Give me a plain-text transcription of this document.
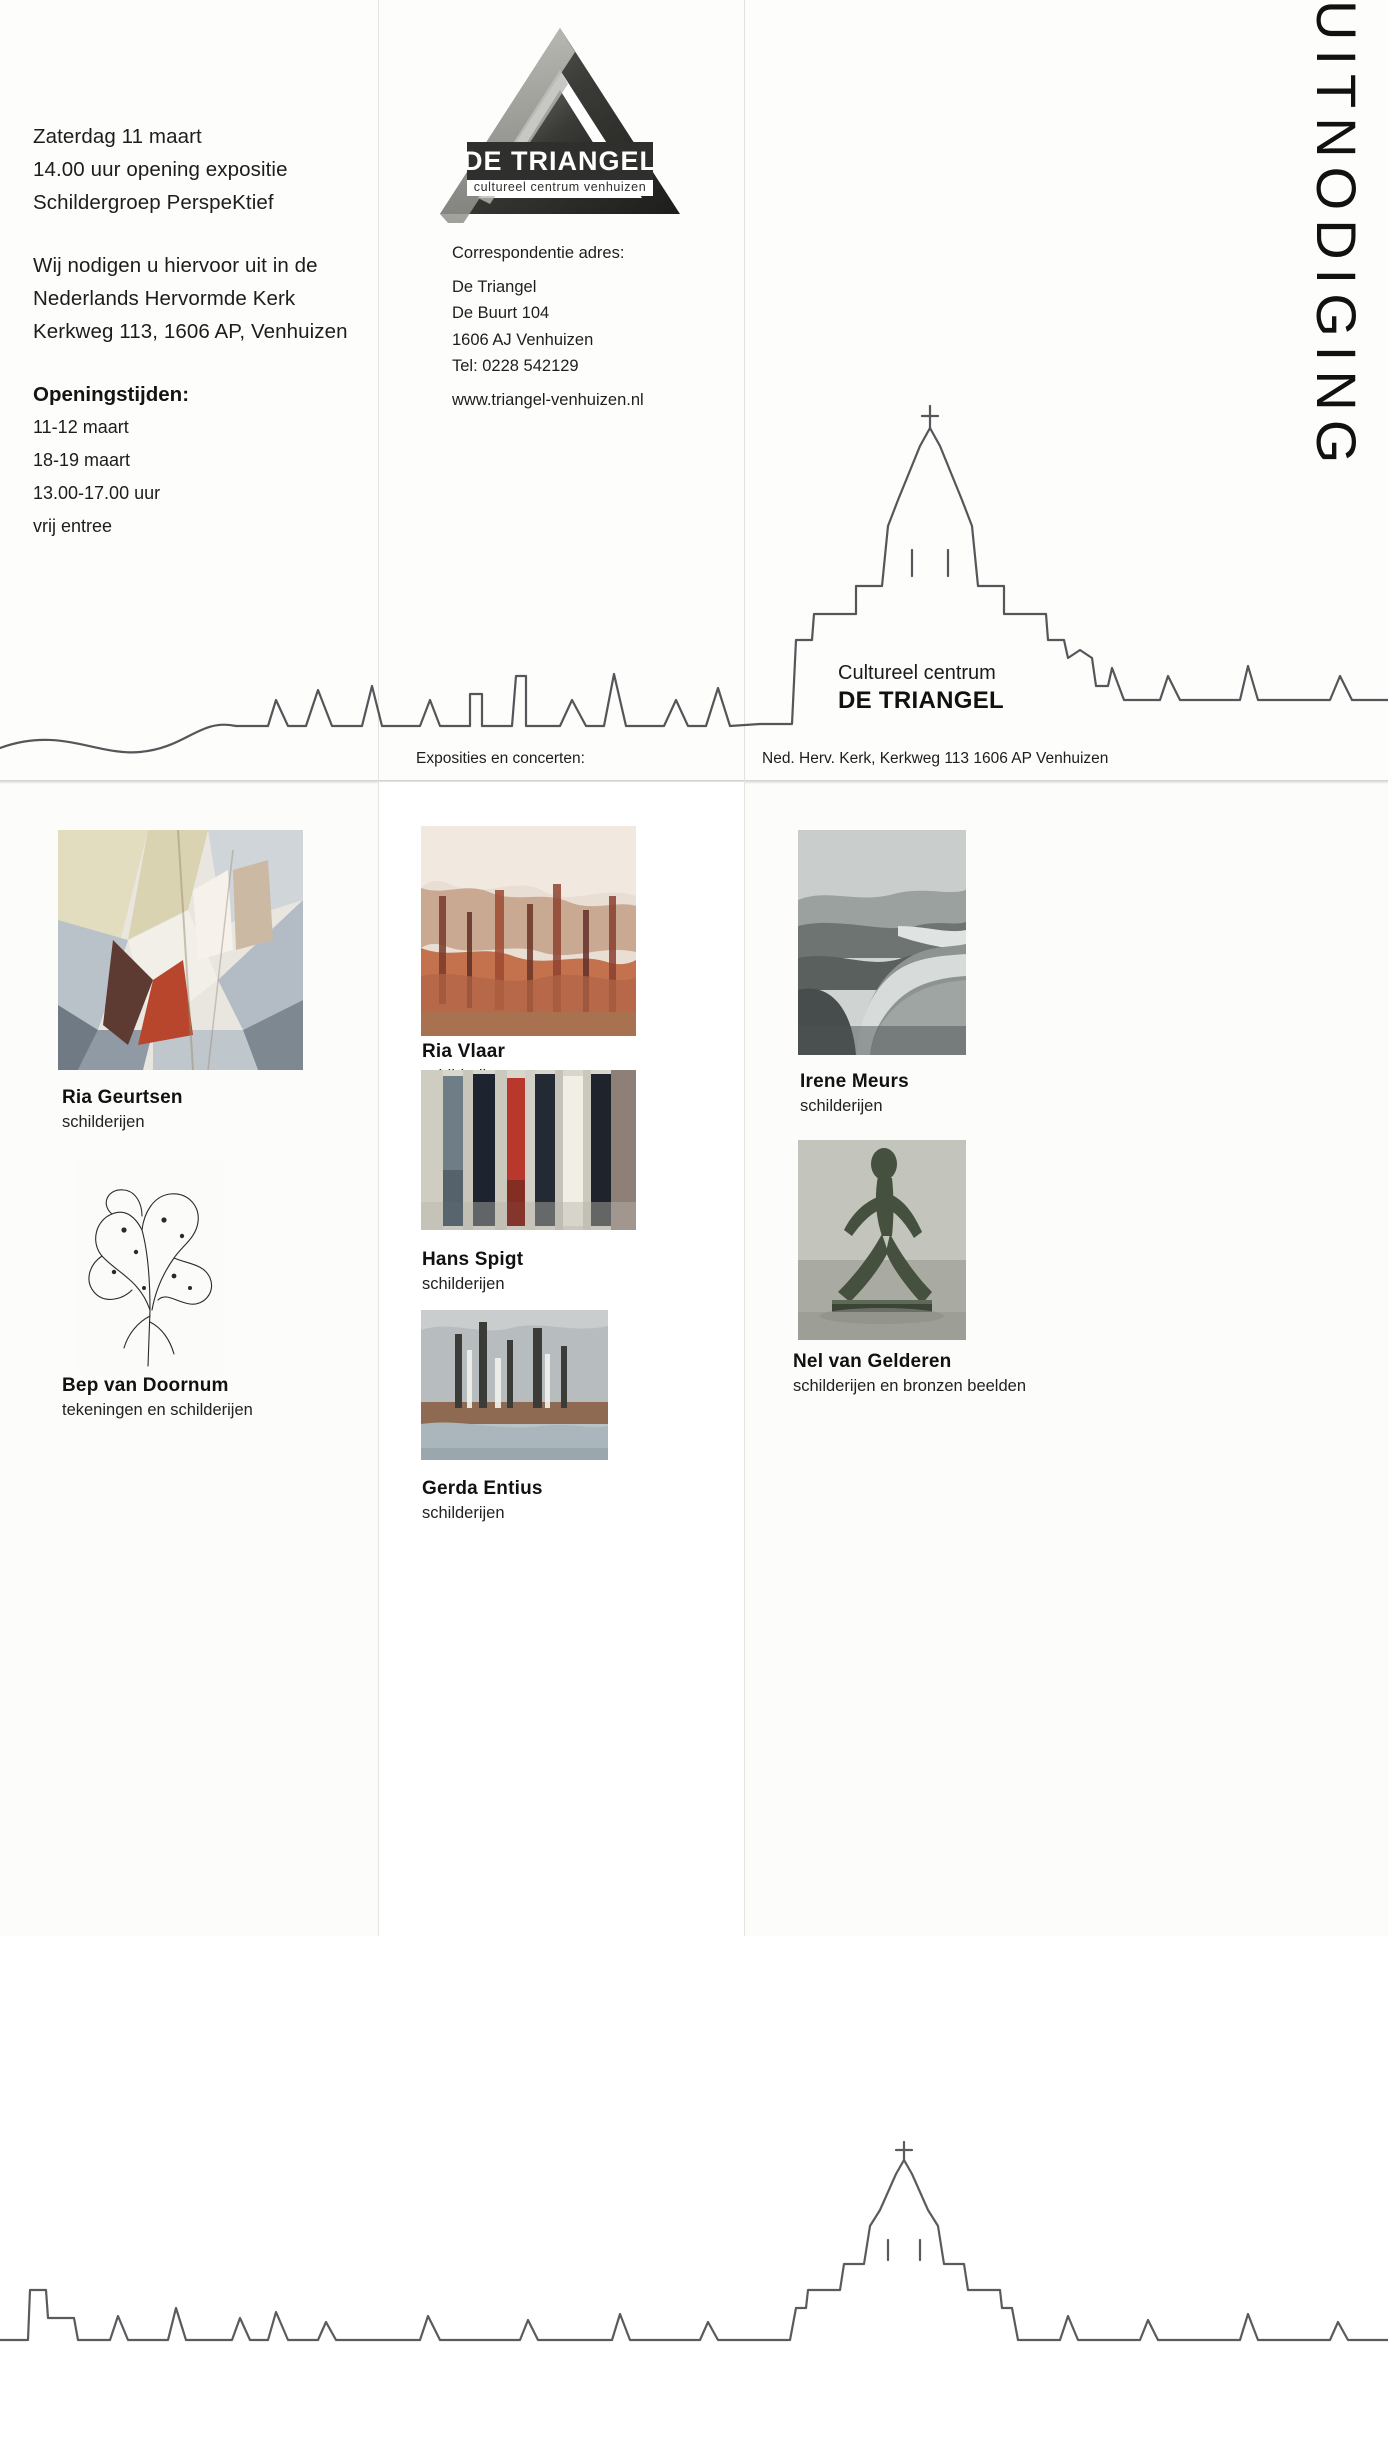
Zaterdag 11 maart
14.00 uur opening expositie
Schildergroep PerspeKtief
Wij nodigen u hiervoor uit in de
Nederlands Hervormde Kerk
Kerkweg 113, 1606 AP, Venhuizen
Openingstijden:
11-12 maart
18-19 maart
13.00-17.00 uur
vrij entree
DE TRIANGEL
cultureel centrum venhuizen
Correspondentie adres:
De Triangel
De Buurt 104
1606 AJ Venhuizen
Tel: 0228 542129
www.triangel-venhuizen.nl	UITNODIGING
Cultureel centrum
DE TRIANGEL
Exposities en concerten:	Ned. Herv. Kerk, Kerkweg 113 1606 AP Venhuizen
Ria Geurtsen
schilderijen
Bep van Doornum
tekeningen en schilderijen
Ria Vlaar
Hans Spigt
schilderijen
Gerda Entius
schilderijen
Irene Meurs
schilderijen
Nel van Gelderen
schilderijen en bronzen beelden
